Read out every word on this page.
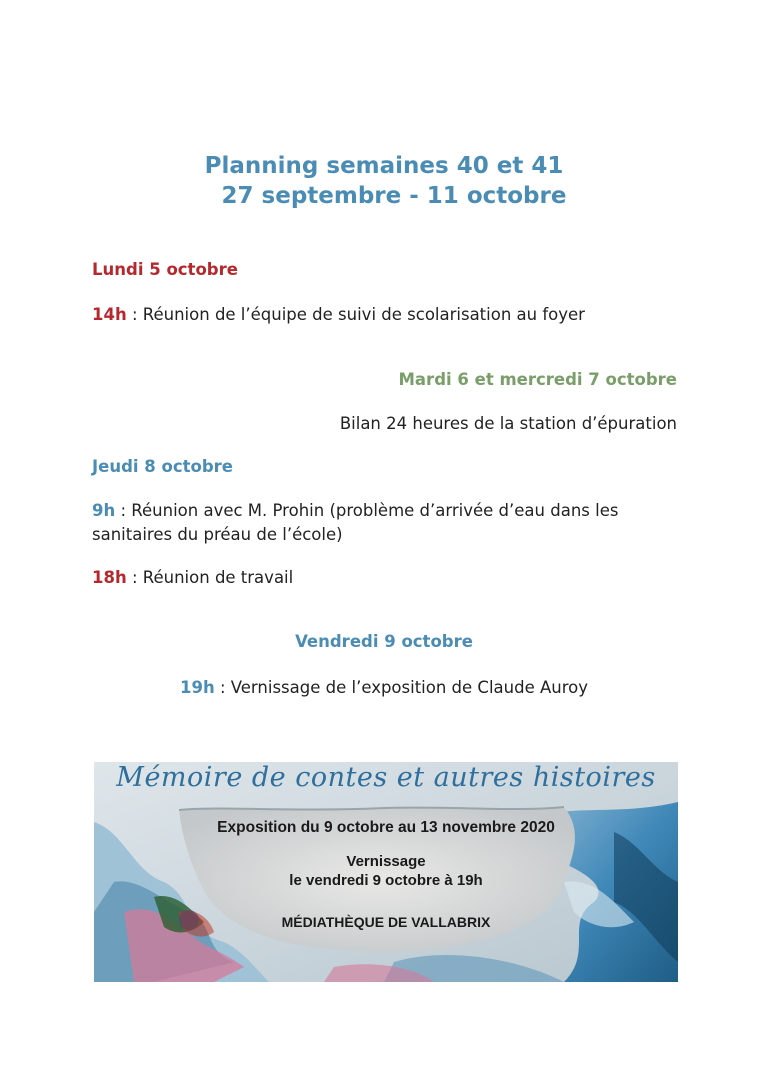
Planning semaines 40 et 41
27 septembre - 11 octobre
Lundi 5 octobre
14h : Réunion de l’équipe de suivi de scolarisation au foyer
Mardi 6 et mercredi 7 octobre
Bilan 24 heures de la station d’épuration
Jeudi 8 octobre
9h : Réunion avec M. Prohin (problème d’arrivée d’eau dans les
sanitaires du préau de l’école)
18h : Réunion de travail
Vendredi 9 octobre
19h : Vernissage de l’exposition de Claude Auroy
Mémoire de contes et autres histoires
Exposition du 9 octobre au 13 novembre 2020
Vernissage
le vendredi 9 octobre à 19h
MÉDIATHÈQUE DE VALLABRIX
